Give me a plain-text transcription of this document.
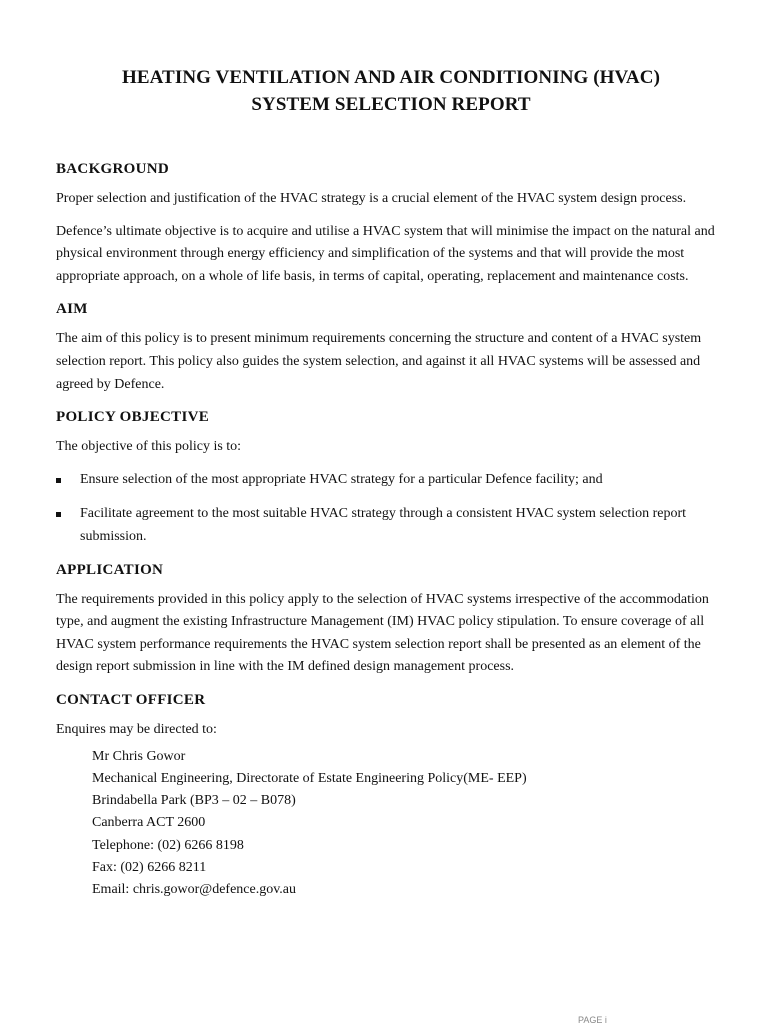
HEATING VENTILATION AND AIR CONDITIONING (HVAC)
SYSTEM SELECTION REPORT
BACKGROUND

Proper selection and justification of the HVAC strategy is a crucial element of the HVAC system design process.

Defence’s ultimate objective is to acquire and utilise a HVAC system that will minimise the impact on the natural and physical environment through energy efficiency and simplification of the systems and that will provide the most appropriate approach, on a whole of life basis, in terms of capital, operating, replacement and maintenance costs.

AIM

The aim of this policy is to present minimum requirements concerning the structure and content of a HVAC system selection report. This policy also guides the system selection, and against it all HVAC systems will be assessed and agreed by Defence.

POLICY OBJECTIVE

The objective of this policy is to:

Ensure selection of the most appropriate HVAC strategy for a particular Defence facility; and
Facilitate agreement to the most suitable HVAC strategy through a consistent HVAC system selection report submission.
APPLICATION

The requirements provided in this policy apply to the selection of HVAC systems irrespective of the accommodation type, and augment the existing Infrastructure Management (IM) HVAC policy stipulation. To ensure coverage of all HVAC system performance requirements the HVAC system selection report shall be presented as an element of the design report submission in line with the IM defined design management process.

CONTACT OFFICER

Enquires may be directed to:

Mr Chris Gowor
Mechanical Engineering, Directorate of Estate Engineering Policy(ME- EEP)
Brindabella Park (BP3 – 02 – B078)
Canberra ACT 2600
Telephone: (02) 6266 8198
Fax: (02) 6266 8211
Email: chris.gowor@defence.gov.au
PAGE i
